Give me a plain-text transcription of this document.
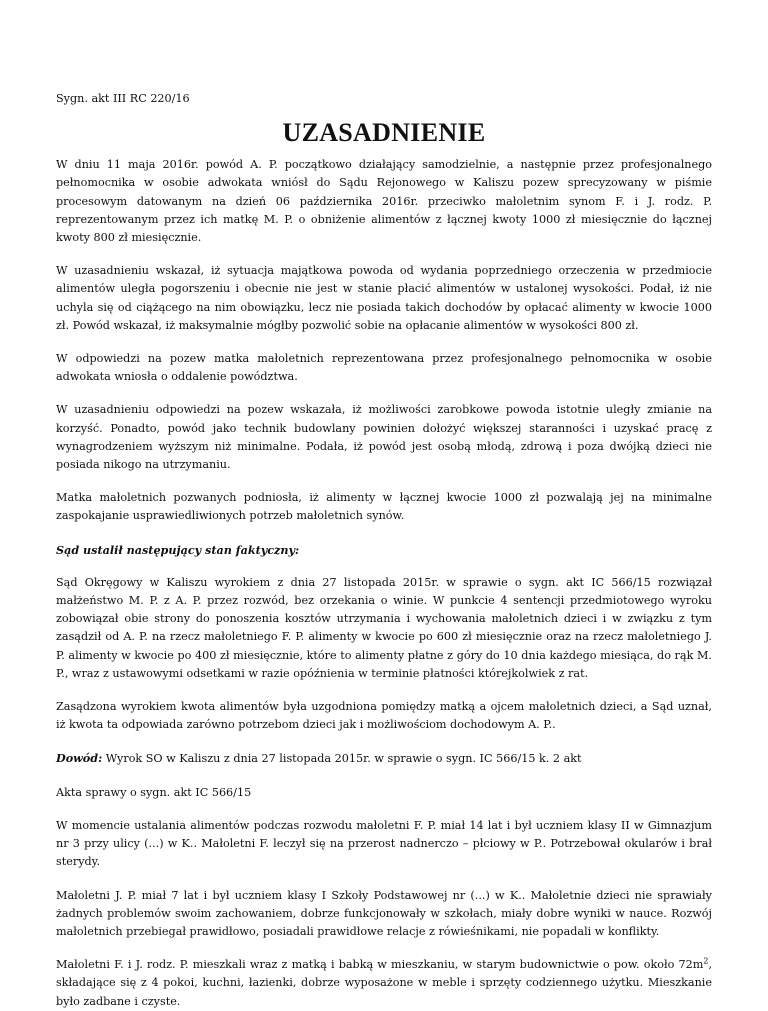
Sygn. akt III RC 220/16

UZASADNIENIE

W dniu 11 maja 2016r. powód A. P. początkowo działający samodzielnie, a następnie przez profesjonalnego pełnomocnika w osobie adwokata wniósł do Sądu Rejonowego w Kaliszu pozew sprecyzowany w piśmie procesowym datowanym na dzień 06 października 2016r. przeciwko małoletnim synom F. i J. rodz. P. reprezentowanym przez ich matkę M. P. o obniżenie alimentów z łącznej kwoty 1000 zł miesięcznie do łącznej kwoty 800 zł miesięcznie.

W uzasadnieniu wskazał, iż sytuacja majątkowa powoda od wydania poprzedniego orzeczenia w przedmiocie alimentów uległa pogorszeniu i obecnie nie jest w stanie płacić alimentów w ustalonej wysokości. Podał, iż nie uchyla się od ciążącego na nim obowiązku, lecz nie posiada takich dochodów by opłacać alimenty w kwocie 1000 zł. Powód wskazał, iż maksymalnie mógłby pozwolić sobie na opłacanie alimentów w wysokości 800 zł.

W odpowiedzi na pozew matka małoletnich reprezentowana przez profesjonalnego pełnomocnika w osobie adwokata wniosła o oddalenie powództwa.

W uzasadnieniu odpowiedzi na pozew wskazała, iż możliwości zarobkowe powoda istotnie uległy zmianie na korzyść. Ponadto, powód jako technik budowlany powinien dołożyć większej staranności i uzyskać pracę z wynagrodzeniem wyższym niż minimalne. Podała, iż powód jest osobą młodą, zdrową i poza dwójką dzieci nie posiada nikogo na utrzymaniu.

Matka małoletnich pozwanych podniosła, iż alimenty w łącznej kwocie 1000 zł pozwalają jej na minimalne zaspokajanie usprawiedliwionych potrzeb małoletnich synów.

Sąd ustalił następujący stan faktyczny:

Sąd Okręgowy w Kaliszu wyrokiem z dnia 27 listopada 2015r. w sprawie o sygn. akt IC 566/15 rozwiązał małżeństwo M. P. z A. P. przez rozwód, bez orzekania o winie. W punkcie 4 sentencji przedmiotowego wyroku zobowiązał obie strony do ponoszenia kosztów utrzymania i wychowania małoletnich dzieci i w związku z tym zasądził od A. P. na rzecz małoletniego F. P. alimenty w kwocie po 600 zł miesięcznie oraz na rzecz małoletniego J. P. alimenty w kwocie po 400 zł miesięcznie, które to alimenty płatne z góry do 10 dnia każdego miesiąca, do rąk M. P., wraz z ustawowymi odsetkami w razie opóźnienia w terminie płatności którejkolwiek z rat.

Zasądzona wyrokiem kwota alimentów była uzgodniona pomiędzy matką a ojcem małoletnich dzieci, a Sąd uznał, iż kwota ta odpowiada zarówno potrzebom dzieci jak i możliwościom dochodowym A. P..

Dowód: Wyrok SO w Kaliszu z dnia 27 listopada 2015r. w sprawie o sygn. IC 566/15 k. 2 akt

Akta sprawy o sygn. akt IC 566/15

W momencie ustalania alimentów podczas rozwodu małoletni F. P. miał 14 lat i był uczniem klasy II w Gimnazjum nr 3 przy ulicy (...) w K.. Małoletni F. leczył się na przerost nadnerczo – płciowy w P.. Potrzebował okularów i brał sterydy.

Małoletni J. P. miał 7 lat i był uczniem klasy I Szkoły Podstawowej nr (...) w K.. Małoletnie dzieci nie sprawiały żadnych problemów swoim zachowaniem, dobrze funkcjonowały w szkołach, miały dobre wyniki w nauce. Rozwój małoletnich przebiegał prawidłowo, posiadali prawidłowe relacje z rówieśnikami, nie popadali w konflikty.

Małoletni F. i J. rodz. P. mieszkali wraz z matką i babką w mieszkaniu, w starym budownictwie o pow. około $72m^2$, składające się z 4 pokoi, kuchni, łazienki, dobrze wyposażone w meble i sprzęty codziennego użytku. Mieszkanie było zadbane i czyste.
